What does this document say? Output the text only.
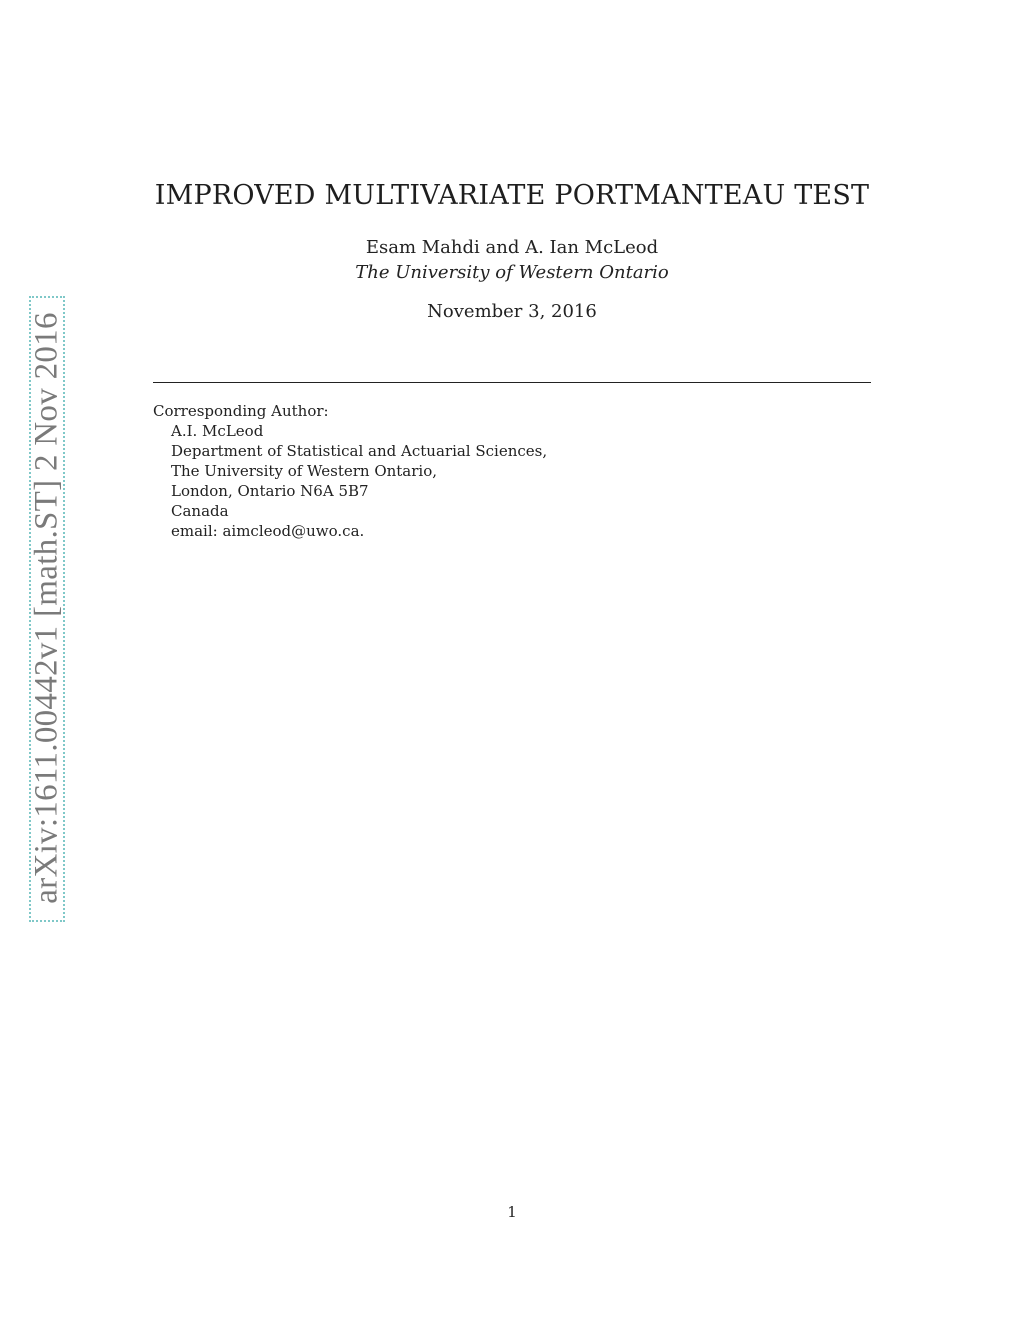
arXiv:1611.00442v1 [math.ST] 2 Nov 2016
IMPROVED MULTIVARIATE PORTMANTEAU TEST
Esam Mahdi and A. Ian McLeod
The University of Western Ontario
November 3, 2016
Corresponding Author:
A.I. McLeod
Department of Statistical and Actuarial Sciences,
The University of Western Ontario,
London, Ontario N6A 5B7
Canada
email: aimcleod@uwo.ca.
1
